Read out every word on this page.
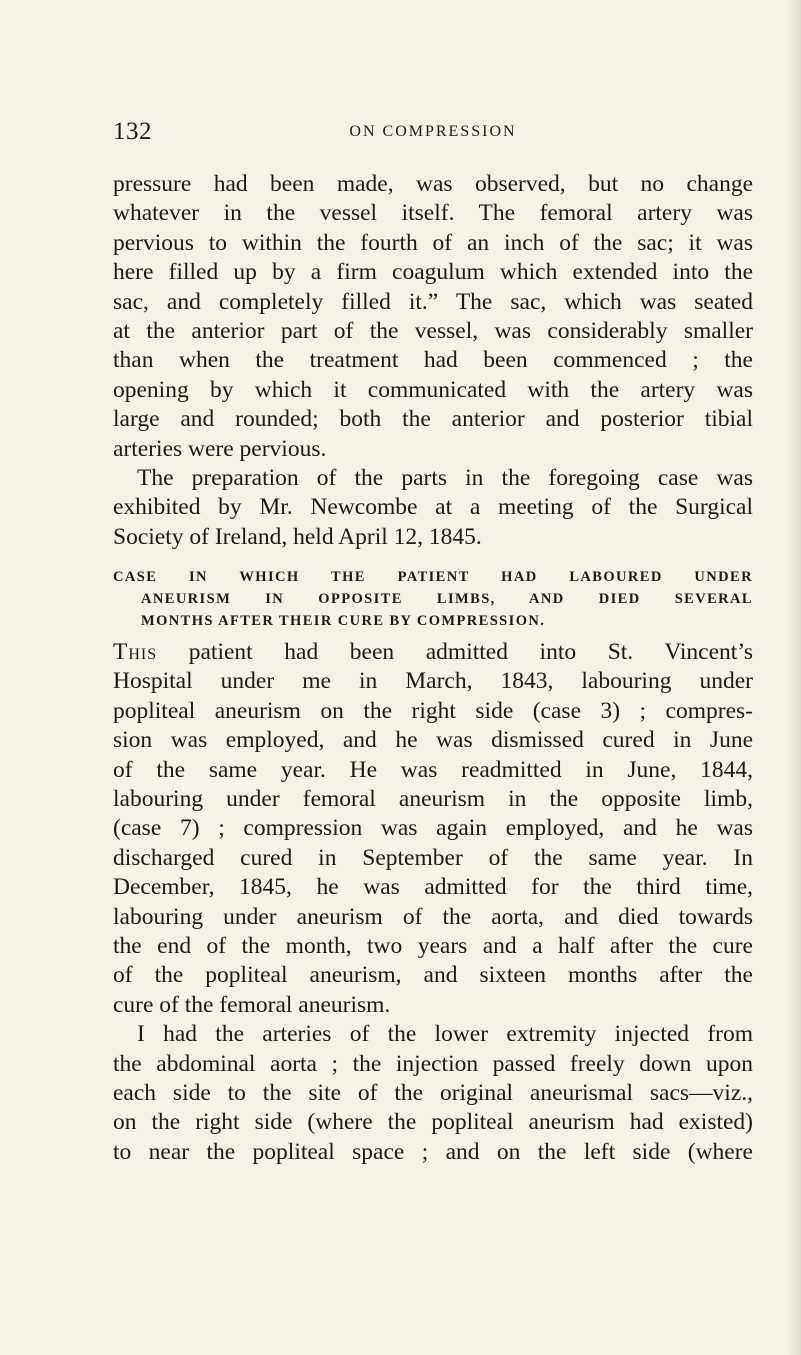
132	ON COMPRESSION
pressure had been made, was observed, but no change
whatever in the vessel itself. The femoral artery was
pervious to within the fourth of an inch of the sac; it was
here filled up by a firm coagulum which extended into the
sac, and completely filled it.” The sac, which was seated
at the anterior part of the vessel, was considerably smaller
than when the treatment had been commenced ; the
opening by which it communicated with the artery was
large and rounded; both the anterior and posterior tibial
arteries were pervious.
The preparation of the parts in the foregoing case was
exhibited by Mr. Newcombe at a meeting of the Surgical
Society of Ireland, held April 12, 1845.
CASE IN WHICH THE PATIENT HAD LABOURED UNDER
ANEURISM IN OPPOSITE LIMBS, AND DIED SEVERAL
MONTHS AFTER THEIR CURE BY COMPRESSION.
This patient had been admitted into St. Vincent’s
Hospital under me in March, 1843, labouring under
popliteal aneurism on the right side (case 3) ; compres-
sion was employed, and he was dismissed cured in June
of the same year. He was readmitted in June, 1844,
labouring under femoral aneurism in the opposite limb,
(case 7) ; compression was again employed, and he was
discharged cured in September of the same year. In
December, 1845, he was admitted for the third time,
labouring under aneurism of the aorta, and died towards
the end of the month, two years and a half after the cure
of the popliteal aneurism, and sixteen months after the
cure of the femoral aneurism.
I had the arteries of the lower extremity injected from
the abdominal aorta ; the injection passed freely down upon
each side to the site of the original aneurismal sacs—viz.,
on the right side (where the popliteal aneurism had existed)
to near the popliteal space ; and on the left side (where
